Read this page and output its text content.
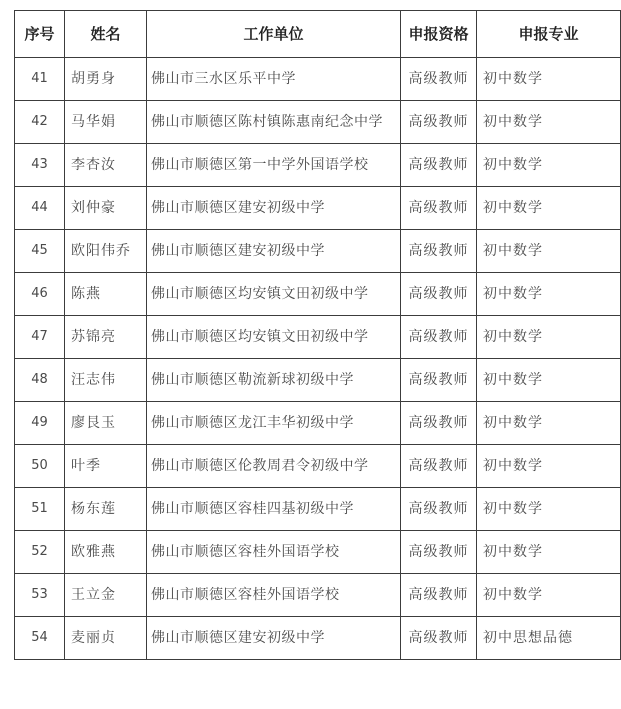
序号	姓名	工作单位	申报资格	申报专业
41	胡勇身	佛山市三水区乐平中学	高级教师	初中数学
42	马华娟	佛山市顺德区陈村镇陈惠南纪念中学	高级教师	初中数学
43	李杏汝	佛山市顺德区第一中学外国语学校	高级教师	初中数学
44	刘仲豪	佛山市顺德区建安初级中学	高级教师	初中数学
45	欧阳伟乔	佛山市顺德区建安初级中学	高级教师	初中数学
46	陈燕	佛山市顺德区均安镇文田初级中学	高级教师	初中数学
47	苏锦亮	佛山市顺德区均安镇文田初级中学	高级教师	初中数学
48	汪志伟	佛山市顺德区勒流新球初级中学	高级教师	初中数学
49	廖艮玉	佛山市顺德区龙江丰华初级中学	高级教师	初中数学
50	叶季	佛山市顺德区伦教周君令初级中学	高级教师	初中数学
51	杨东莲	佛山市顺德区容桂四基初级中学	高级教师	初中数学
52	欧雅燕	佛山市顺德区容桂外国语学校	高级教师	初中数学
53	王立金	佛山市顺德区容桂外国语学校	高级教师	初中数学
54	麦丽贞	佛山市顺德区建安初级中学	高级教师	初中思想品德
